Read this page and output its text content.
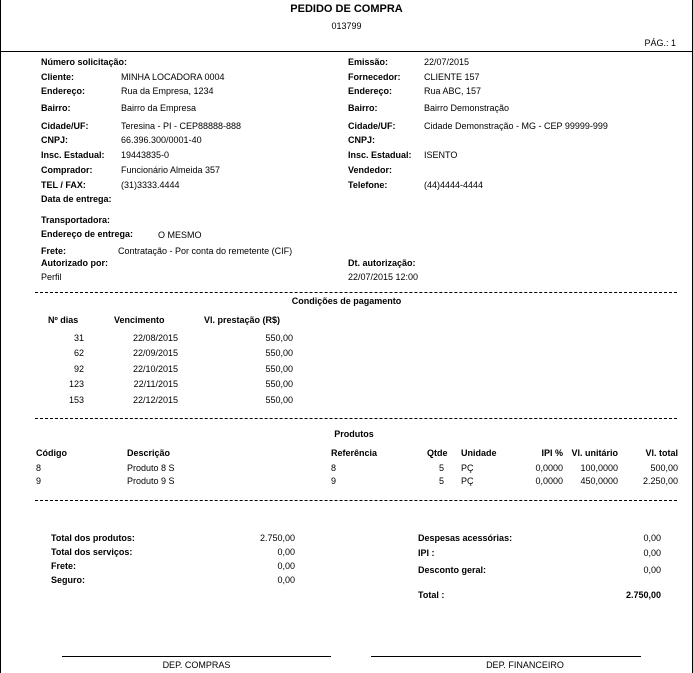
PEDIDO DE COMPRA
013799
PÁG.: 1
Número solicitação:
Cliente:	MINHA LOCADORA 0004
Endereço:	Rua da Empresa, 1234
Bairro:	Bairro da Empresa
Cidade/UF:	Teresina - PI - CEP88888-888
CNPJ:	66.396.300/0001-40
Insc. Estadual: 19443835-0
Comprador:	Funcionário Almeida 357
TEL / FAX:	(31)3333.4444
Data de entrega:
Transportadora:
Endereço de entrega:	O MESMO
Frete:	Contratação - Por conta do remetente (CIF)
Autorizado por:
Perfil
Emissão:	22/07/2015
Fornecedor:	CLIENTE 157
Endereço:	Rua ABC, 157
Bairro:	Bairro Demonstração
Cidade/UF:	Cidade Demonstração - MG - CEP 99999-999
CNPJ:
Insc. Estadual: ISENTO
Vendedor:
Telefone:	(44)4444-4444
Dt. autorização:
22/07/2015 12:00
Condições de pagamento
Nº dias	Vencimento	Vl. prestação (R$)
31	22/08/2015	550,00
62	22/09/2015	550,00
92	22/10/2015	550,00
123	22/11/2015	550,00
153	22/12/2015	550,00
Produtos
Código	Descrição	Referência	Qtde Unidade	IPI % Vl. unitário	Vl. total
8	Produto 8 S	8	5 PÇ	0,0000	100,0000	500,00
9	Produto 9 S	9	5 PÇ	0,0000	450,0000	2.250,00
Total dos produtos:	2.750,00
Total dos serviços:	0,00
Frete:	0,00
Seguro:	0,00
Despesas acessórias:	0,00
IPI :	0,00
Desconto geral:	0,00
Total :	2.750,00
DEP. COMPRAS	DEP. FINANCEIRO
